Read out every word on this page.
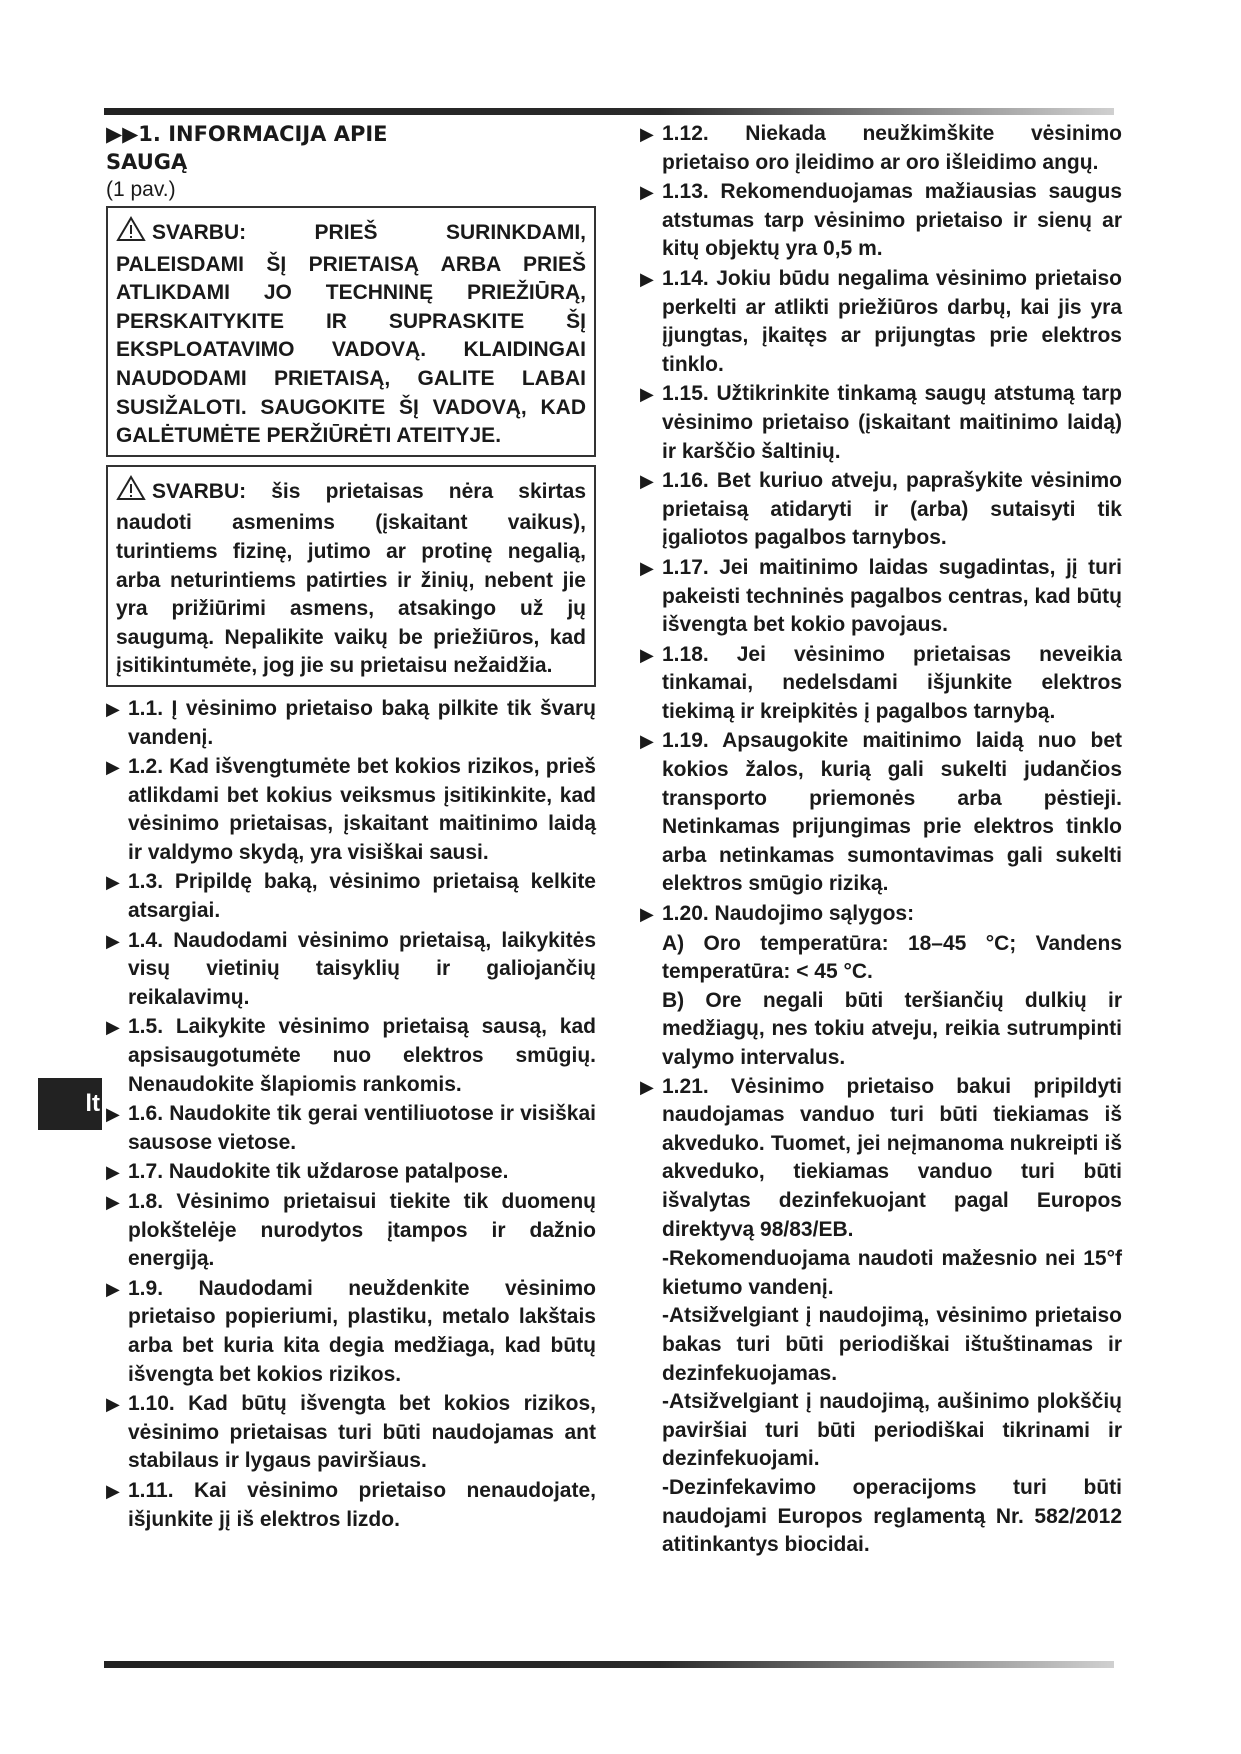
lt
▶▶1. INFORMACIJA APIE
SAUGĄ
(1 pav.)
SVARBU: PRIEŠ SURINKDAMI, PALEISDAMI ŠĮ PRIETAISĄ ARBA PRIEŠ ATLIKDAMI JO TECHNINĘ PRIEŽIŪRĄ, PERSKAITYKITE IR SUPRASKITE ŠĮ EKSPLOATAVIMO VADOVĄ. KLAIDINGAI NAUDODAMI PRIETAISĄ, GALITE LABAI SUSIŽALOTI. SAUGOKITE ŠĮ VADOVĄ, KAD GALĖTUMĖTE PERŽIŪRĖTI ATEITYJE.
SVARBU: šis prietaisas nėra skirtas naudoti asmenims (įskaitant vaikus), turintiems fizinę, jutimo ar protinę negalią, arba neturintiems patirties ir žinių, nebent jie yra prižiūrimi asmens, atsakingo už jų saugumą. Nepalikite vaikų be priežiūros, kad įsitikintumėte, jog jie su prietaisu nežaidžia.
▶ 1.1. Į vėsinimo prietaiso baką pilkite tik švarų vandenį.
▶ 1.2. Kad išvengtumėte bet kokios rizikos, prieš atlikdami bet kokius veiksmus įsitikinkite, kad vėsinimo prietaisas, įskaitant maitinimo laidą ir valdymo skydą, yra visiškai sausi.
▶ 1.3. Pripildę baką, vėsinimo prietaisą kelkite atsargiai.
▶ 1.4. Naudodami vėsinimo prietaisą, laikykitės visų vietinių taisyklių ir galiojančių reikalavimų.
▶ 1.5. Laikykite vėsinimo prietaisą sausą, kad apsisaugotumėte nuo elektros smūgių. Nenaudokite šlapiomis rankomis.
▶ 1.6. Naudokite tik gerai ventiliuotose ir visiškai sausose vietose.
▶ 1.7. Naudokite tik uždarose patalpose.
▶ 1.8. Vėsinimo prietaisui tiekite tik duomenų plokštelėje nurodytos įtampos ir dažnio energiją.
▶ 1.9. Naudodami neuždenkite vėsinimo prietaiso popieriumi, plastiku, metalo lakštais arba bet kuria kita degia medžiaga, kad būtų išvengta bet kokios rizikos.
▶ 1.10. Kad būtų išvengta bet kokios rizikos, vėsinimo prietaisas turi būti naudojamas ant stabilaus ir lygaus paviršiaus.
▶ 1.11. Kai vėsinimo prietaiso nenaudojate, išjunkite jį iš elektros lizdo.
▶ 1.12. Niekada neužkimškite vėsinimo prietaiso oro įleidimo ar oro išleidimo angų.
▶ 1.13. Rekomenduojamas mažiausias saugus atstumas tarp vėsinimo prietaiso ir sienų ar kitų objektų yra 0,5 m.
▶ 1.14. Jokiu būdu negalima vėsinimo prietaiso perkelti ar atlikti priežiūros darbų, kai jis yra įjungtas, įkaitęs ar prijungtas prie elektros tinklo.
▶ 1.15. Užtikrinkite tinkamą saugų atstumą tarp vėsinimo prietaiso (įskaitant maitinimo laidą) ir karščio šaltinių.
▶ 1.16. Bet kuriuo atveju, paprašykite vėsinimo prietaisą atidaryti ir (arba) sutaisyti tik įgaliotos pagalbos tarnybos.
▶ 1.17. Jei maitinimo laidas sugadintas, jį turi pakeisti techninės pagalbos centras, kad būtų išvengta bet kokio pavojaus.
▶ 1.18. Jei vėsinimo prietaisas neveikia tinkamai, nedelsdami išjunkite elektros tiekimą ir kreipkitės į pagalbos tarnybą.
▶ 1.19. Apsaugokite maitinimo laidą nuo bet kokios žalos, kurią gali sukelti judančios transporto priemonės arba pėstieji. Netinkamas prijungimas prie elektros tinklo arba netinkamas sumontavimas gali sukelti elektros smūgio riziką.
▶ 1.20. Naudojimo sąlygos:
A) Oro temperatūra: 18–45 °C; Vandens temperatūra: < 45 °C.
B) Ore negali būti teršiančių dulkių ir medžiagų, nes tokiu atveju, reikia sutrumpinti valymo intervalus.
▶ 1.21. Vėsinimo prietaiso bakui pripildyti naudojamas vanduo turi būti tiekiamas iš akveduko. Tuomet, jei neįmanoma nukreipti iš akveduko, tiekiamas vanduo turi būti išvalytas dezinfekuojant pagal Europos direktyvą 98/83/EB.
-Rekomenduojama naudoti mažesnio nei 15°f kietumo vandenį.
-Atsižvelgiant į naudojimą, vėsinimo prietaiso bakas turi būti periodiškai ištuštinamas ir dezinfekuojamas.
-Atsižvelgiant į naudojimą, aušinimo plokščių paviršiai turi būti periodiškai tikrinami ir dezinfekuojami.
-Dezinfekavimo operacijoms turi būti naudojami Europos reglamentą Nr. 582/2012 atitinkantys biocidai.
